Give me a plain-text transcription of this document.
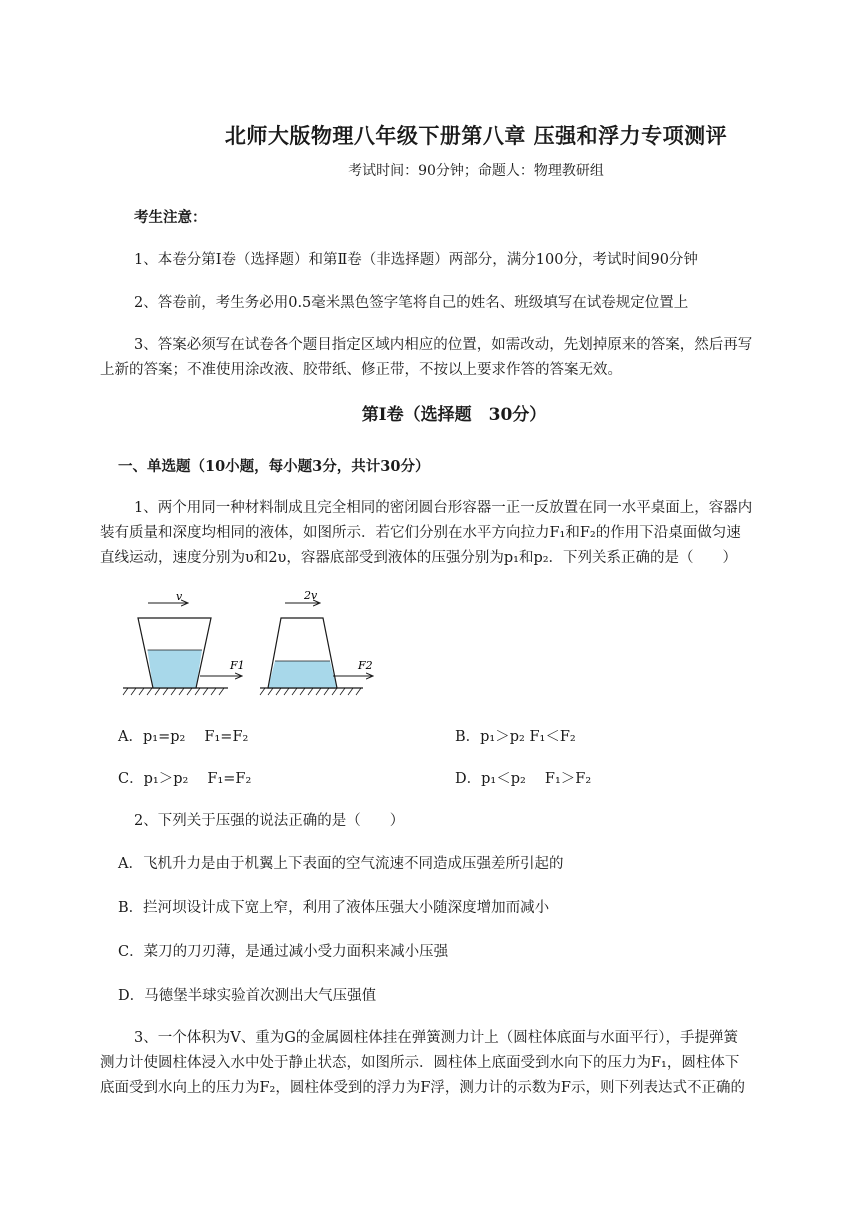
北师大版物理八年级下册第八章 压强和浮力专项测评
考试时间：90分钟；命题人：物理教研组
考生注意：
1、本卷分第Ⅰ卷（选择题）和第Ⅱ卷（非选择题）两部分，满分100分，考试时间90分钟
2、答卷前，考生务必用0.5毫米黑色签字笔将自己的姓名、班级填写在试卷规定位置上
3、答案必须写在试卷各个题目指定区域内相应的位置，如需改动，先划掉原来的答案，然后再写
上新的答案；不准使用涂改液、胶带纸、修正带，不按以上要求作答的答案无效。
第Ⅰ卷（选择题　30分）
一、单选题（10小题，每小题3分，共计30分）
1、两个用同一种材料制成且完全相同的密闭圆台形容器一正一反放置在同一水平桌面上，容器内
装有质量和深度均相同的液体，如图所示．若它们分别在水平方向拉力F₁和F₂的作用下沿桌面做匀速
直线运动，速度分别为υ和2υ，容器底部受到液体的压强分别为p₁和p₂．下列关系正确的是（　　）
v
F1
2v
F2
A．p₁=p₂　 F₁=F₂	B．p₁＞p₂ F₁＜F₂
C．p₁＞p₂　 F₁=F₂	D．p₁＜p₂　 F₁＞F₂
2、下列关于压强的说法正确的是（　　）
A．飞机升力是由于机翼上下表面的空气流速不同造成压强差所引起的
B．拦河坝设计成下宽上窄，利用了液体压强大小随深度增加而减小
C．菜刀的刀刃薄，是通过减小受力面积来减小压强
D．马德堡半球实验首次测出大气压强值
3、一个体积为V、重为G的金属圆柱体挂在弹簧测力计上（圆柱体底面与水面平行），手提弹簧
测力计使圆柱体浸入水中处于静止状态，如图所示．圆柱体上底面受到水向下的压力为F₁，圆柱体下
底面受到水向上的压力为F₂，圆柱体受到的浮力为F浮，测力计的示数为F示，则下列表达式不正确的
